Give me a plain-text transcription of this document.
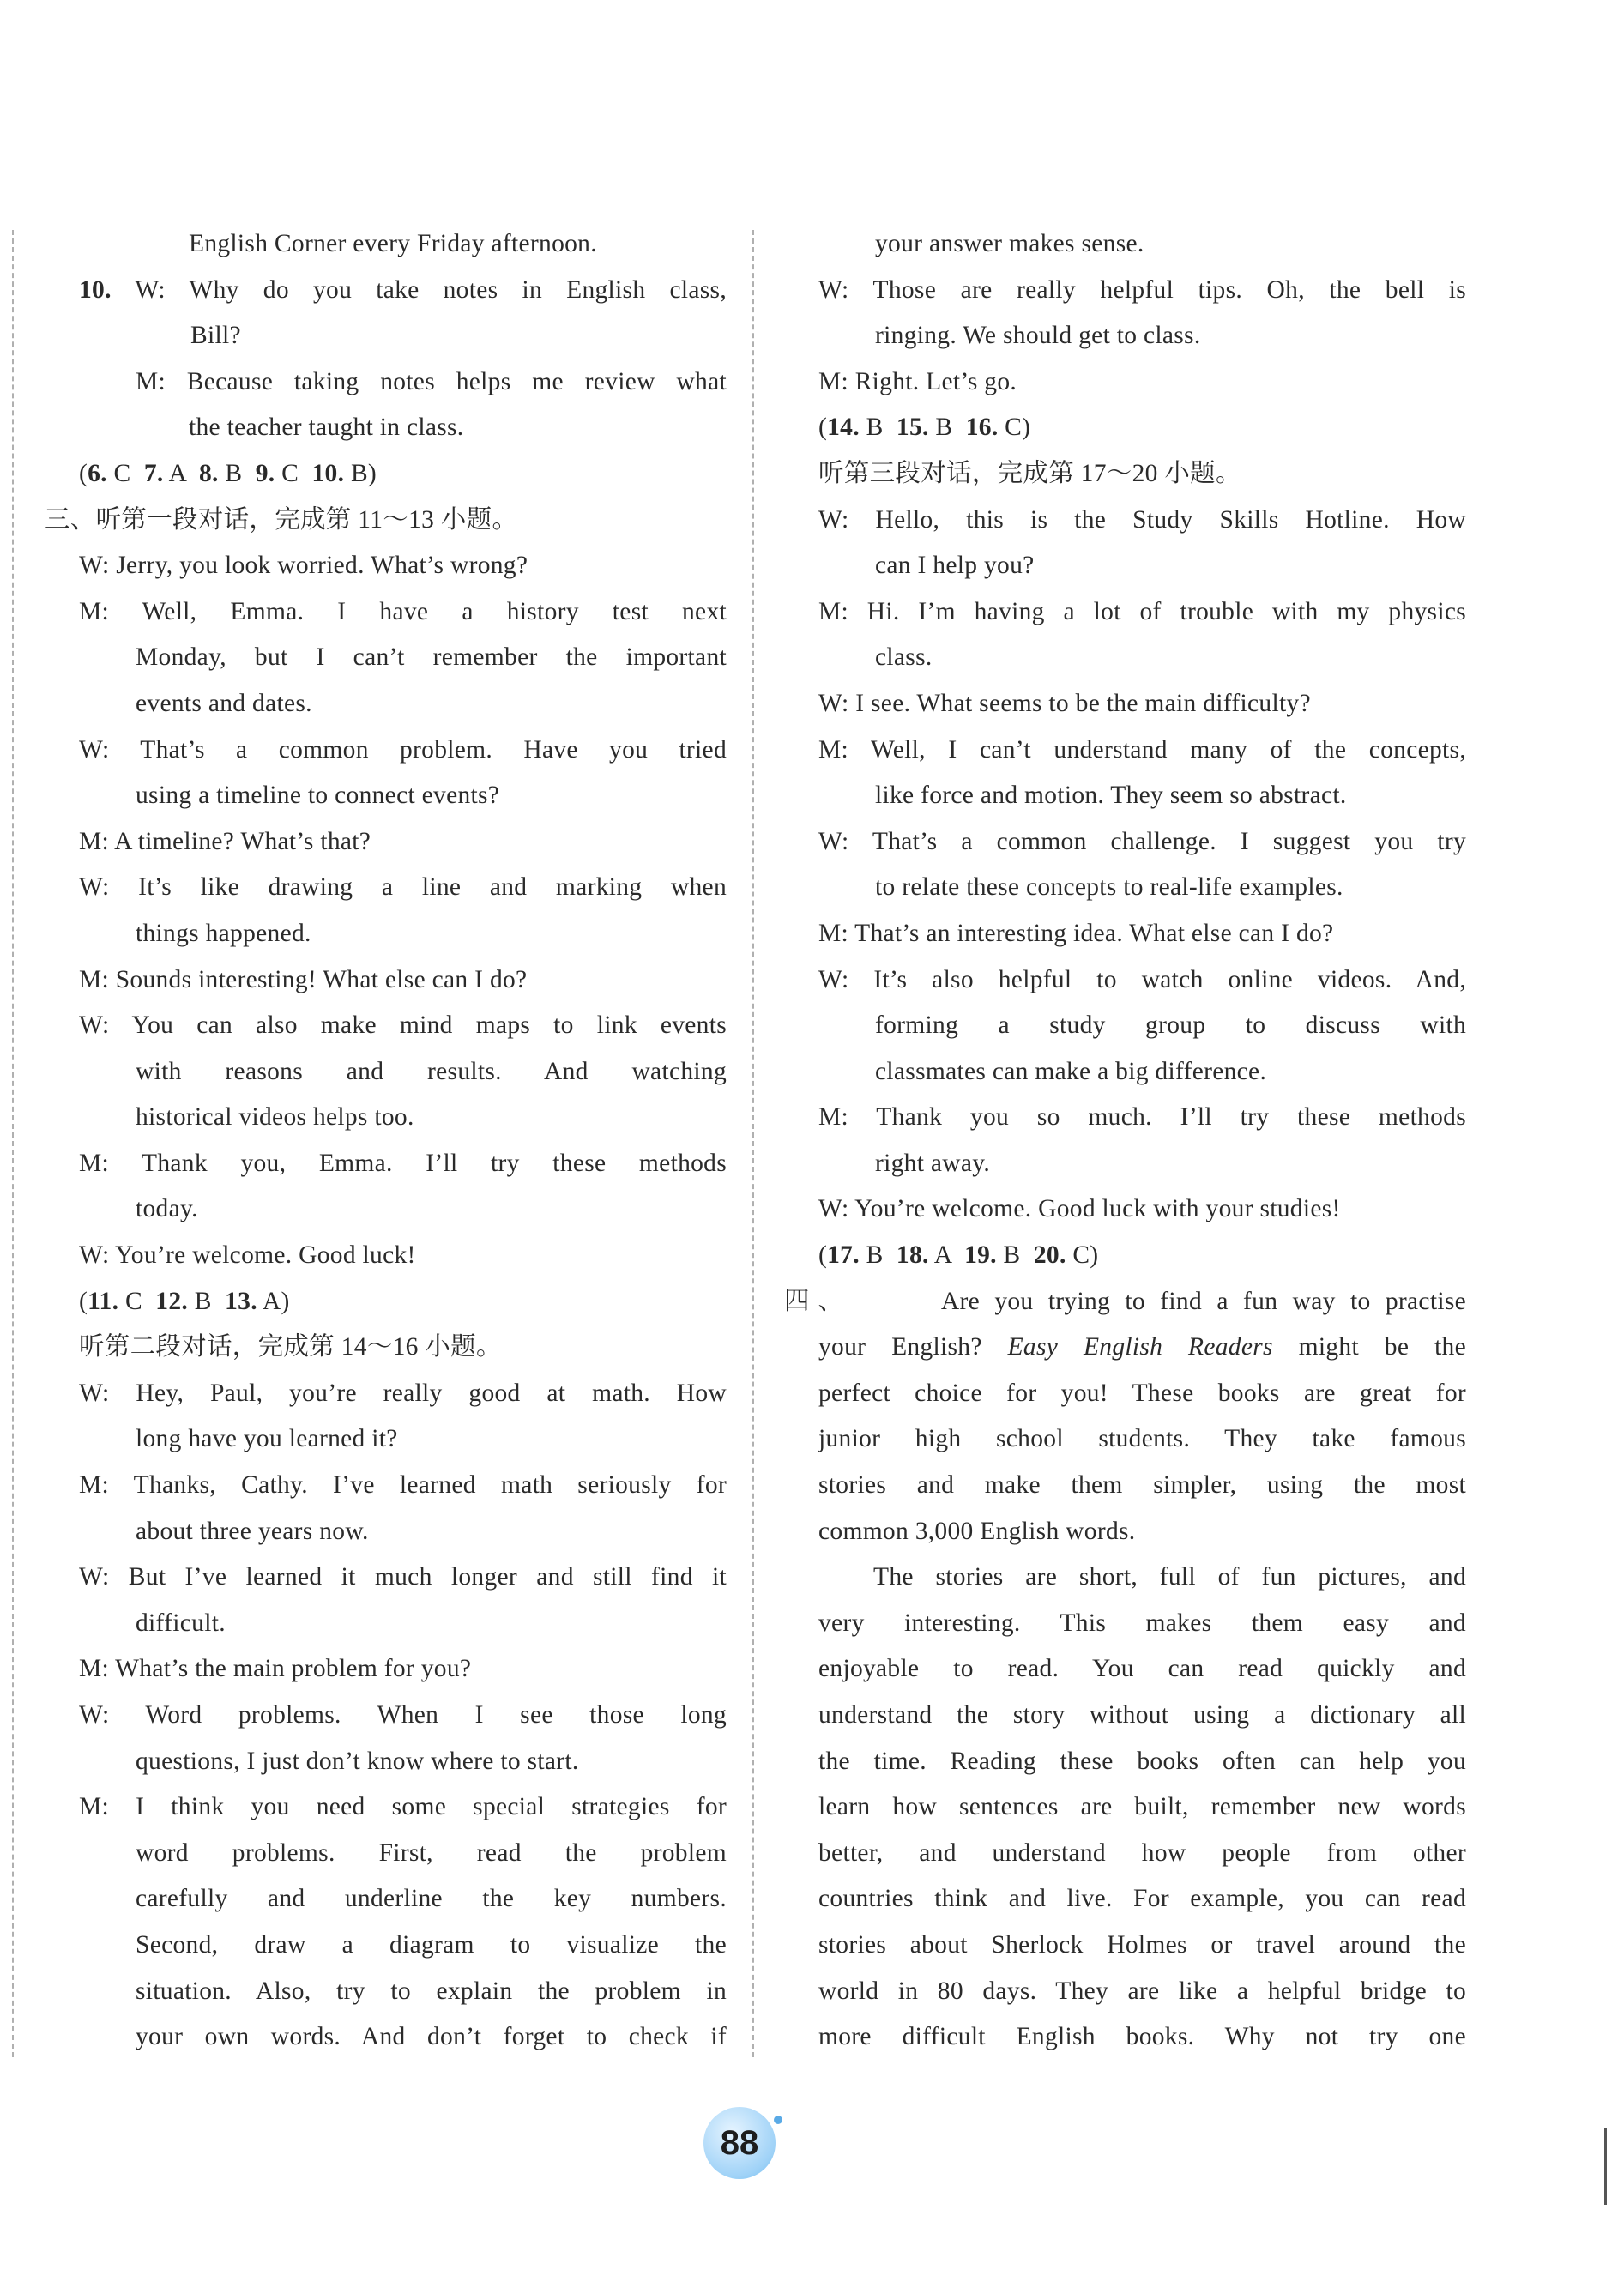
English Corner every Friday afternoon.
10. W: Why do you take notes in English class,
Bill?
M: Because taking notes helps me review what
the teacher taught in class.
(6. C  7. A  8. B  9. C  10. B)
三、听第一段对话，完成第 11～13 小题。
W: Jerry, you look worried. What’s wrong?
M: Well, Emma. I have a history test next
Monday, but I can’t remember the important
events and dates.
W: That’s a common problem. Have you tried
using a timeline to connect events?
M: A timeline? What’s that?
W: It’s like drawing a line and marking when
things happened.
M: Sounds interesting! What else can I do?
W: You can also make mind maps to link events
with reasons and results. And watching
historical videos helps too.
M: Thank you, Emma. I’ll try these methods
today.
W: You’re welcome. Good luck!
(11. C  12. B  13. A)
听第二段对话，完成第 14～16 小题。
W: Hey, Paul, you’re really good at math. How
long have you learned it?
M: Thanks, Cathy. I’ve learned math seriously for
about three years now.
W: But I’ve learned it much longer and still find it
difficult.
M: What’s the main problem for you?
W: Word problems. When I see those long
questions, I just don’t know where to start.
M: I think you need some special strategies for
word problems. First, read the problem
carefully and underline the key numbers.
Second, draw a diagram to visualize the
situation. Also, try to explain the problem in
your own words. And don’t forget to check if
your answer makes sense.
W: Those are really helpful tips. Oh, the bell is
ringing. We should get to class.
M: Right. Let’s go.
(14. B  15. B  16. C)
听第三段对话，完成第 17～20 小题。
W: Hello, this is the Study Skills Hotline. How
can I help you?
M: Hi. I’m having a lot of trouble with my physics
class.
W: I see. What seems to be the main difficulty?
M: Well, I can’t understand many of the concepts,
like force and motion. They seem so abstract.
W: That’s a common challenge. I suggest you try
to relate these concepts to real-life examples.
M: That’s an interesting idea. What else can I do?
W: It’s also helpful to watch online videos. And,
forming a study group to discuss with
classmates can make a big difference.
M: Thank you so much. I’ll try these methods
right away.
W: You’re welcome. Good luck with your studies!
(17. B  18. A  19. B  20. C)
四、      Are you trying to find a fun way to practise
your English? Easy English Readers might be the
perfect choice for you! These books are great for
junior high school students. They take famous
stories and make them simpler, using the most
common 3,000 English words.
The stories are short, full of fun pictures, and
very interesting. This makes them easy and
enjoyable to read. You can read quickly and
understand the story without using a dictionary all
the time. Reading these books often can help you
learn how sentences are built, remember new words
better, and understand how people from other
countries think and live. For example, you can read
stories about Sherlock Holmes or travel around the
world in 80 days. They are like a helpful bridge to
more difficult English books. Why not try one
88
